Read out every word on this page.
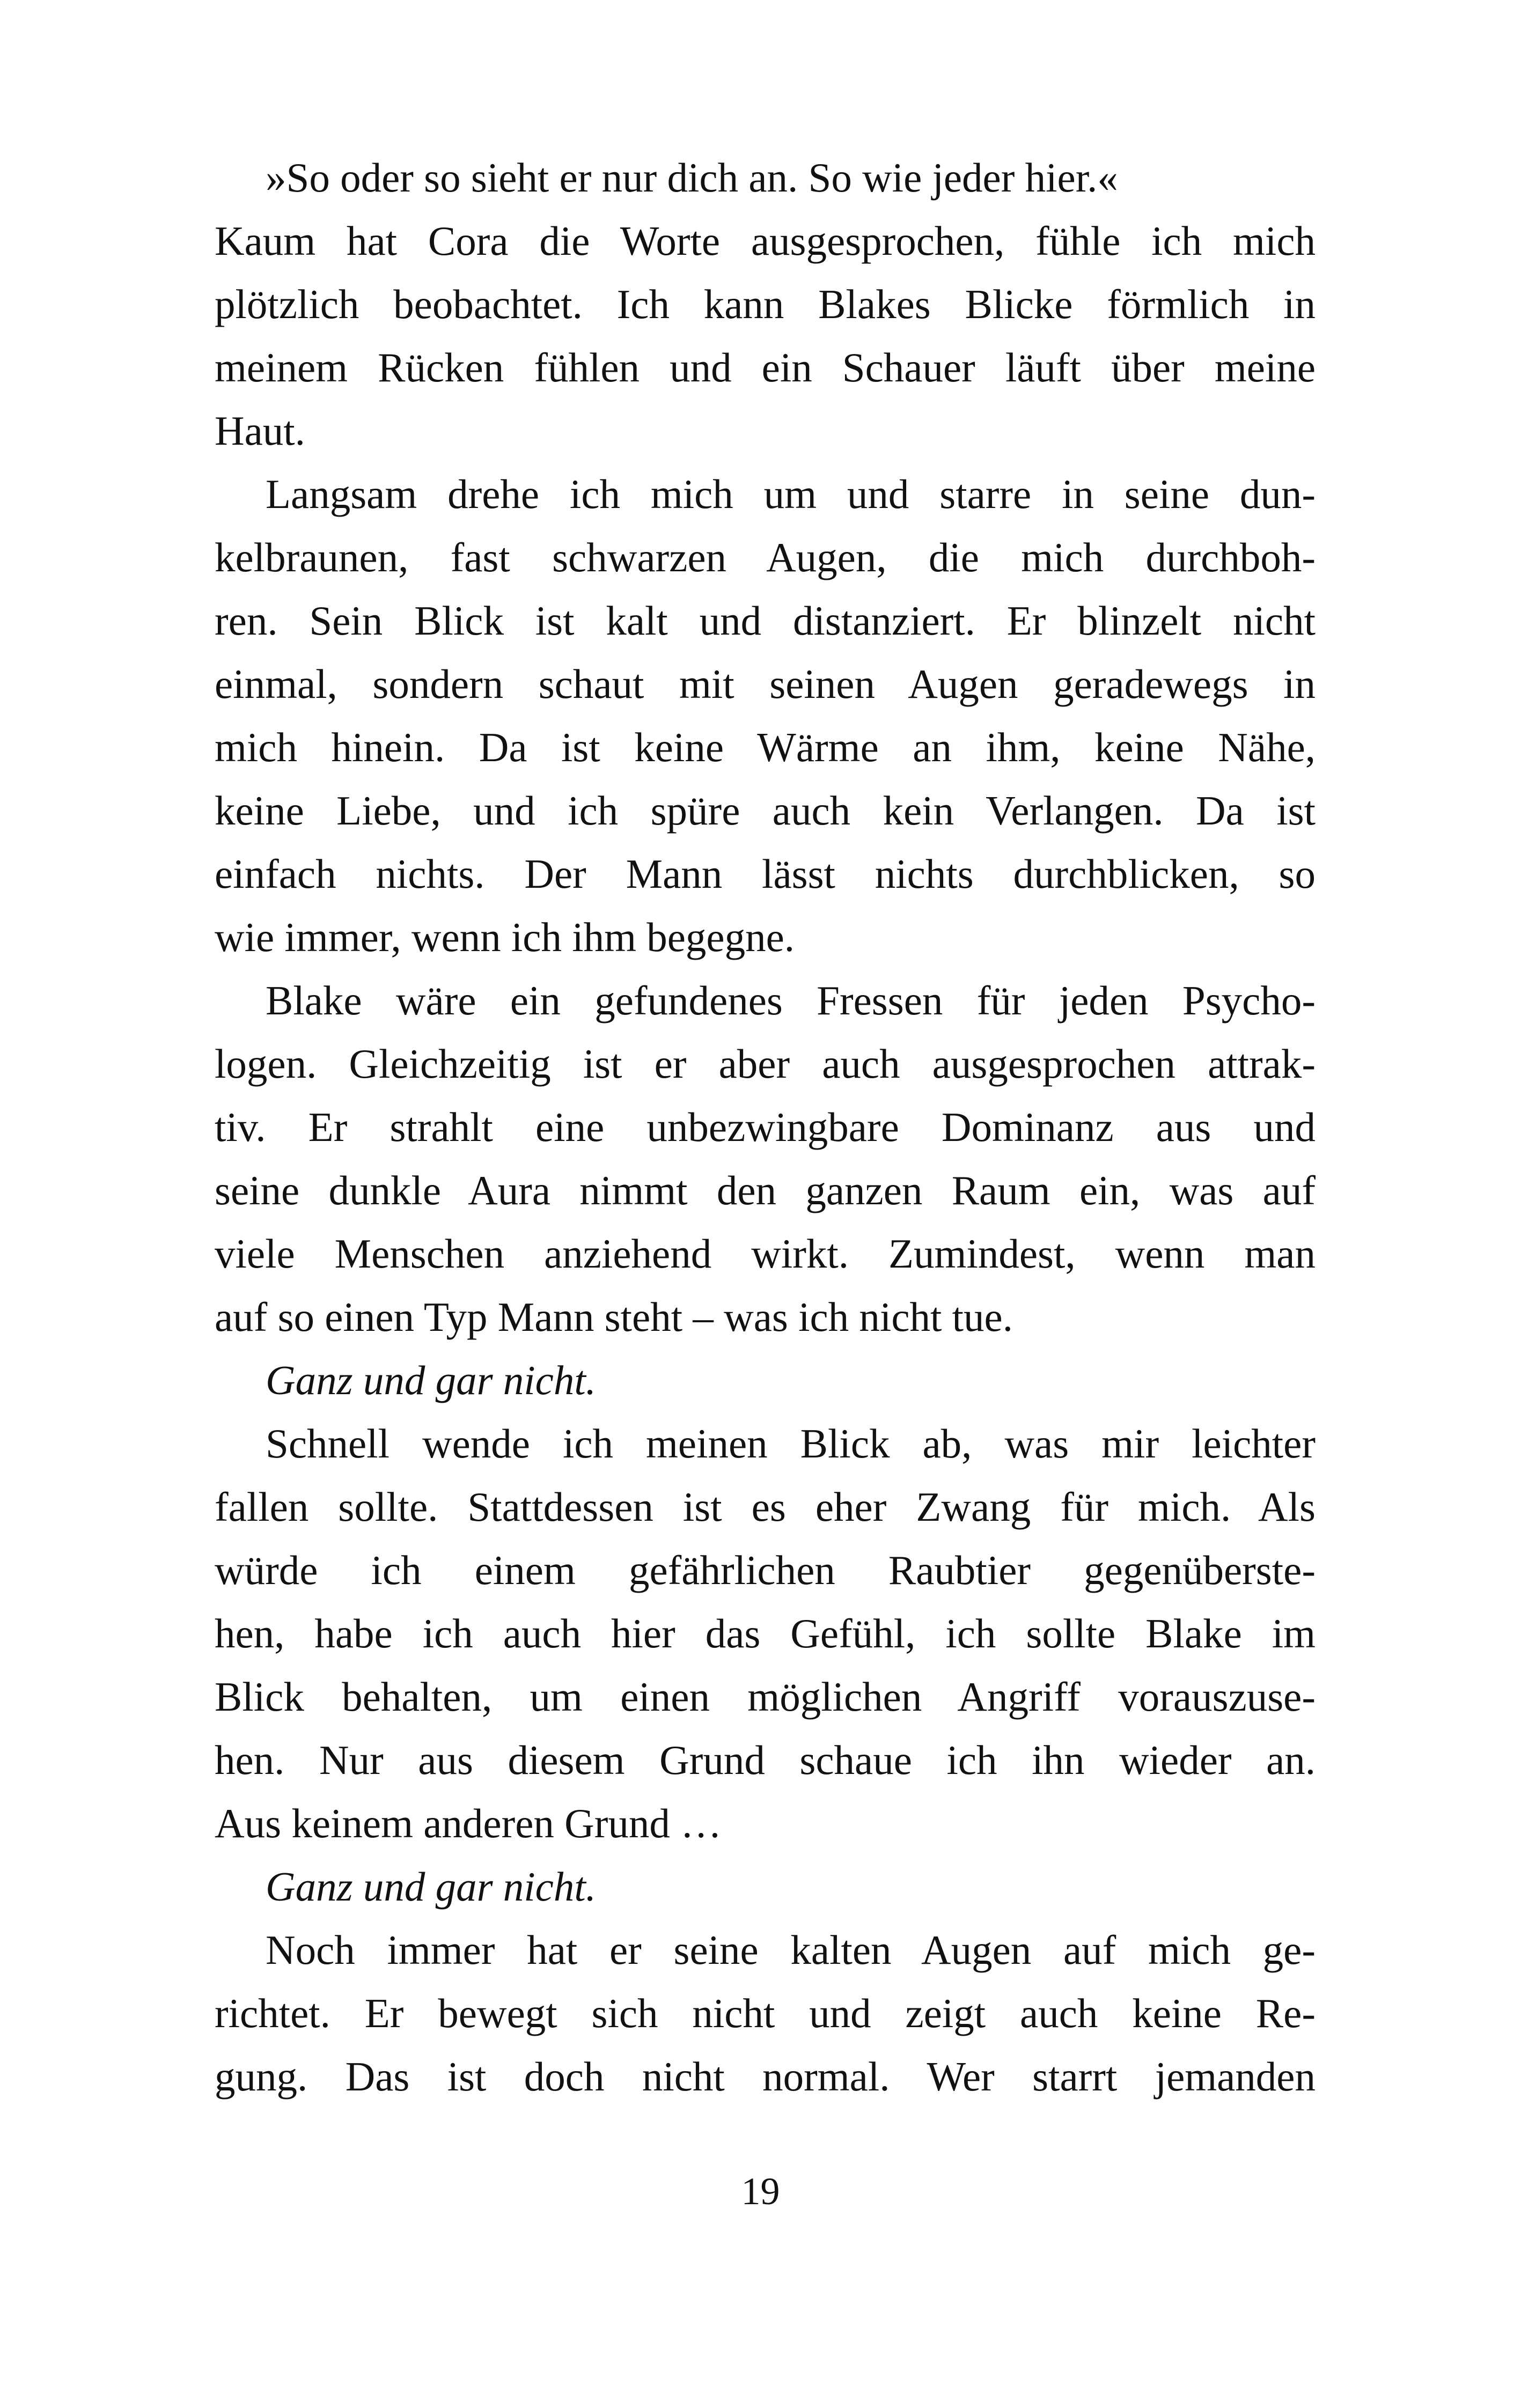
»So oder so sieht er nur dich an. So wie jeder hier.«
Kaum hat Cora die Worte ausgesprochen, fühle ich mich
plötzlich beobachtet. Ich kann Blakes Blicke förmlich in
meinem Rücken fühlen und ein Schauer läuft über meine
Haut.
Langsam drehe ich mich um und starre in seine dun-
kelbraunen, fast schwarzen Augen, die mich durchboh-
ren. Sein Blick ist kalt und distanziert. Er blinzelt nicht
einmal, sondern schaut mit seinen Augen geradewegs in
mich hinein. Da ist keine Wärme an ihm, keine Nähe,
keine Liebe, und ich spüre auch kein Verlangen. Da ist
einfach nichts. Der Mann lässt nichts durchblicken, so
wie immer, wenn ich ihm begegne.
Blake wäre ein gefundenes Fressen für jeden Psycho-
logen. Gleichzeitig ist er aber auch ausgesprochen attrak-
tiv. Er strahlt eine unbezwingbare Dominanz aus und
seine dunkle Aura nimmt den ganzen Raum ein, was auf
viele Menschen anziehend wirkt. Zumindest, wenn man
auf so einen Typ Mann steht – was ich nicht tue.
Ganz und gar nicht.
Schnell wende ich meinen Blick ab, was mir leichter
fallen sollte. Stattdessen ist es eher Zwang für mich. Als
würde ich einem gefährlichen Raubtier gegenüberste-
hen, habe ich auch hier das Gefühl, ich sollte Blake im
Blick behalten, um einen möglichen Angriff vorauszuse-
hen. Nur aus diesem Grund schaue ich ihn wieder an.
Aus keinem anderen Grund …
Ganz und gar nicht.
Noch immer hat er seine kalten Augen auf mich ge-
richtet. Er bewegt sich nicht und zeigt auch keine Re-
gung. Das ist doch nicht normal. Wer starrt jemanden
19
